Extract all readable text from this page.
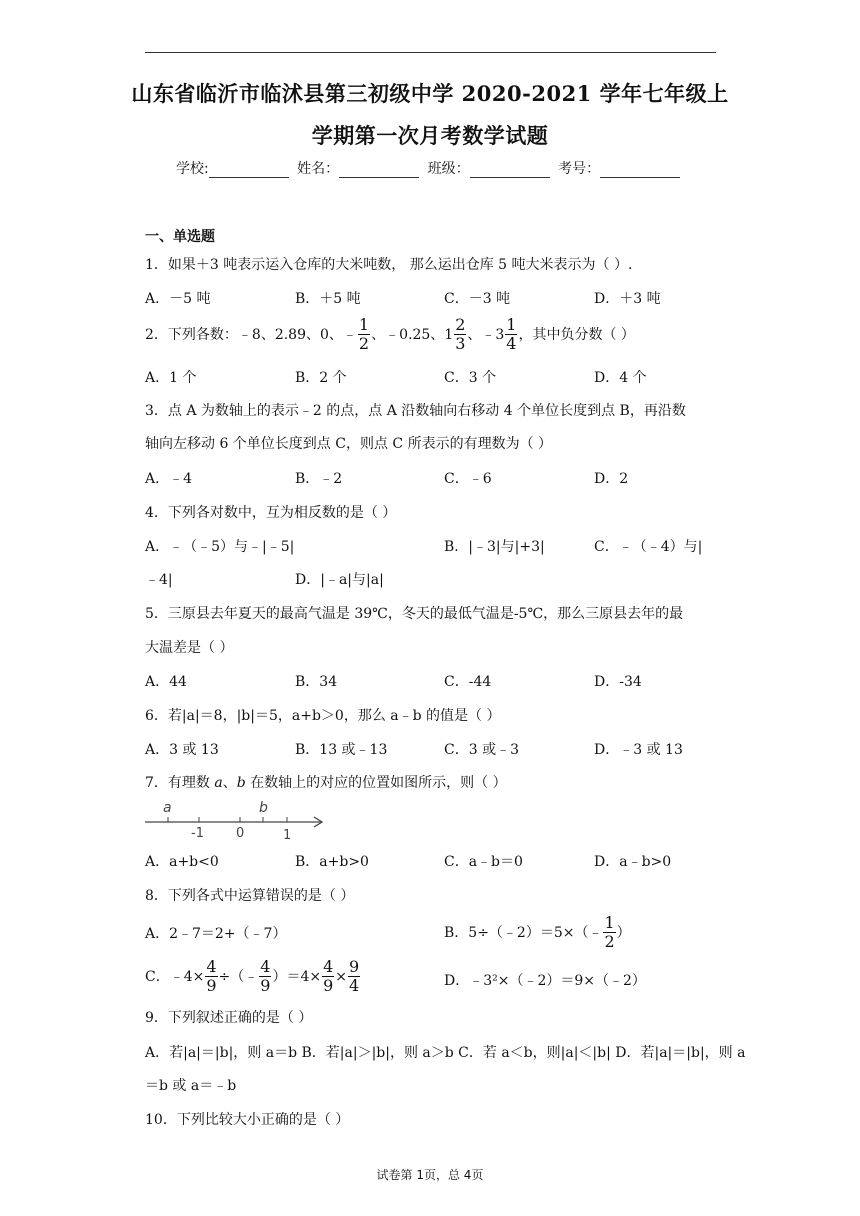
山东省临沂市临沭县第三初级中学 2020-2021 学年七年级上
学期第一次月考数学试题
学校:	姓名：	班级：	考号：
一、单选题
1．如果＋3 吨表示运入仓库的大米吨数， 那么运出仓库 5 吨大米表示为（ ）.
A．－5 吨	B．＋5 吨	C．－3 吨	D．＋3 吨
2．下列各数：﹣8、2.89、0、﹣ $\frac{1}{2}$ 、﹣0.25、$1 \frac{2}{3}$ 、﹣3 $\frac{1}{4}$ ，其中负分数（ ）
A．1 个	B．2 个	C．3 个	D．4 个
3．点 A 为数轴上的表示﹣2 的点，点 A 沿数轴向右移动 4 个单位长度到点 B，再沿数
轴向左移动 6 个单位长度到点 C，则点 C 所表示的有理数为（ ）
A．﹣4	B．﹣2	C．﹣6	D．2
4．下列各对数中，互为相反数的是（ ）
A．﹣（﹣5）与﹣|﹣5|	B．|﹣3|与|+3|	C．﹣（﹣4）与|
﹣4|	D．|﹣a|与|a|
5．三原县去年夏天的最高气温是 39℃，冬天的最低气温是-5℃，那么三原县去年的最
大温差是（ ）
A．44	B．34	C．-44	D．-34
6．若|a|＝8，|b|＝5，a+b＞0，那么 a﹣b 的值是（ ）
A．3 或 13	B．13 或﹣13	C．3 或﹣3	D．﹣3 或 13
7．有理数 a、b 在数轴上的对应的位置如图所示，则（ ）
a	b
-1 0	1
A．a+b<0	B．a+b>0	C．a﹣b＝0	D．a﹣b>0
8．下列各式中运算错误的是（ ）
A．2﹣7＝2+（﹣7）	B．5÷（﹣2）＝5×（﹣ $\frac{1}{2}$ ）
C．﹣4× $\frac{4}{9}$ ÷（﹣ $\frac{4}{9} )=4\times \frac{4}{9} \times \frac{9}{4}$	D．﹣3²×（﹣2）＝9×（﹣2）
9．下列叙述正确的是（ ）
A．若|a|＝|b|，则 a＝b B．若|a|＞|b|，则 a＞b C．若 a＜b，则|a|＜|b| D．若|a|＝|b|，则 a
＝b 或 a＝﹣b
10．下列比较大小正确的是（ ）
试卷第 1页，总 4页
